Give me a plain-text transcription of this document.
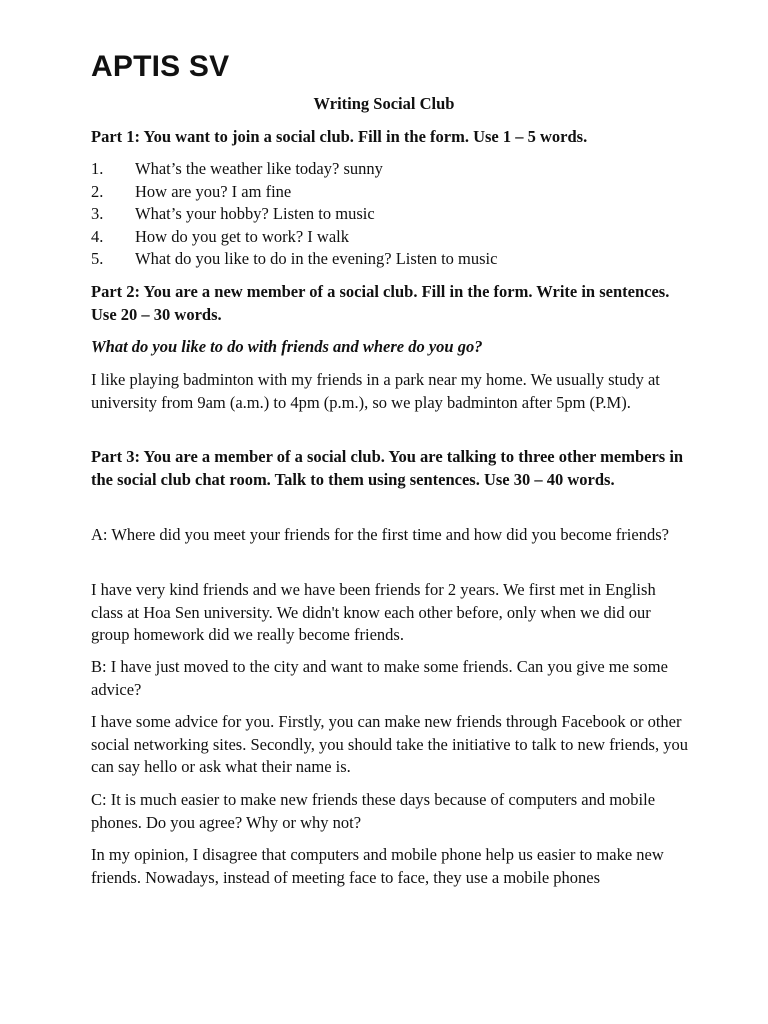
APTIS SV
Writing Social Club

Part 1: You want to join a social club. Fill in the form. Use 1 – 5 words.

1. What’s the weather like today? sunny
2. How are you? I am fine
3. What’s your hobby? Listen to music
4. How do you get to work? I walk
5. What do you like to do in the evening? Listen to music

Part 2: You are a new member of a social club. Fill in the form. Write in sentences. Use 20 – 30 words.

What do you like to do with friends and where do you go?

I like playing badminton with my friends in a park near my home. We usually study at university from 9am (a.m.) to 4pm (p.m.), so we play badminton after 5pm (P.M).

Part 3: You are a member of a social club. You are talking to three other members in the social club chat room. Talk to them using sentences. Use 30 – 40 words.

A: Where did you meet your friends for the first time and how did you become friends?

I have very kind friends and we have been friends for 2 years. We first met in English class at Hoa Sen university. We didn't know each other before, only when we did our group homework did we really become friends.

B: I have just moved to the city and want to make some friends. Can you give me some advice?

I have some advice for you. Firstly, you can make new friends through Facebook or other social networking sites. Secondly, you should take the initiative to talk to new friends, you can say hello or ask what their name is.

C: It is much easier to make new friends these days because of computers and mobile phones. Do you agree? Why or why not?

In my opinion, I disagree that computers and mobile phone help us easier to make new friends. Nowadays, instead of meeting face to face, they use a mobile phones
